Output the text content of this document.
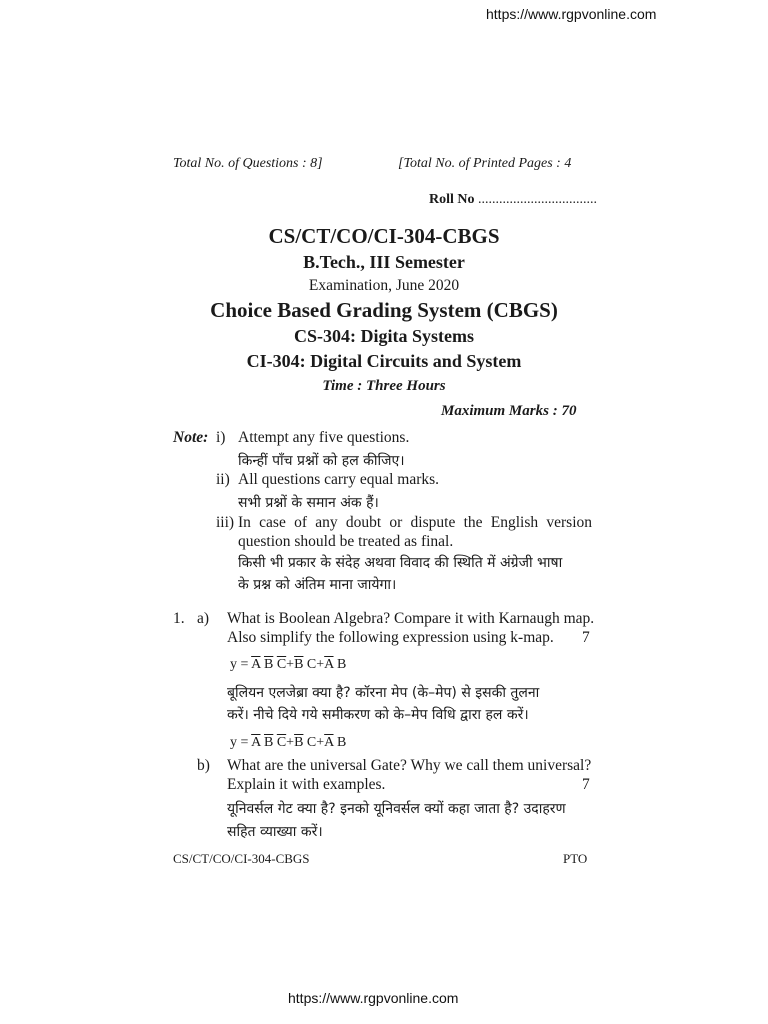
https://www.rgpvonline.com
Total No. of Questions : 8]	[Total No. of Printed Pages : 4
Roll No ..................................
CS/CT/CO/CI-304-CBGS
B.Tech., III Semester
Examination, June 2020
Choice Based Grading System (CBGS)
CS-304: Digita Systems
CI-304: Digital Circuits and System
Time : Three Hours
Maximum Marks : 70
Note: i) Attempt any five questions.
किन्हीं पाँच प्रश्नों को हल कीजिए।
ii) All questions carry equal marks.
सभी प्रश्नों के समान अंक हैं।
iii) In case of any doubt or dispute the English version
question should be treated as final.
किसी भी प्रकार के संदेह अथवा विवाद की स्थिति में अंग्रेजी भाषा
के प्रश्न को अंतिम माना जायेगा।
1. a) What is Boolean Algebra? Compare it with Karnaugh map.
Also simplify the following expression using k-map. 7
$y = \overline{A}$ $\overline{B}$ $\overline{C}+\overline{B}$ $C+\overline{A}$ B
बूलियन एलजेब्रा क्या है? कॉरना मेप (के–मेप) से इसकी तुलना
करें। नीचे दिये गये समीकरण को के–मेप विधि द्वारा हल करें।
$y = \overline{A}$ $\overline{B}$ $\overline{C}+\overline{B}$ $C+\overline{A}$ B
b) What are the universal Gate? Why we call them universal?
Explain it with examples.	7
यूनिवर्सल गेट क्या है? इनको यूनिवर्सल क्यों कहा जाता है? उदाहरण
सहित व्याख्या करें।
CS/CT/CO/CI-304-CBGS	PTO
https://www.rgpvonline.com
